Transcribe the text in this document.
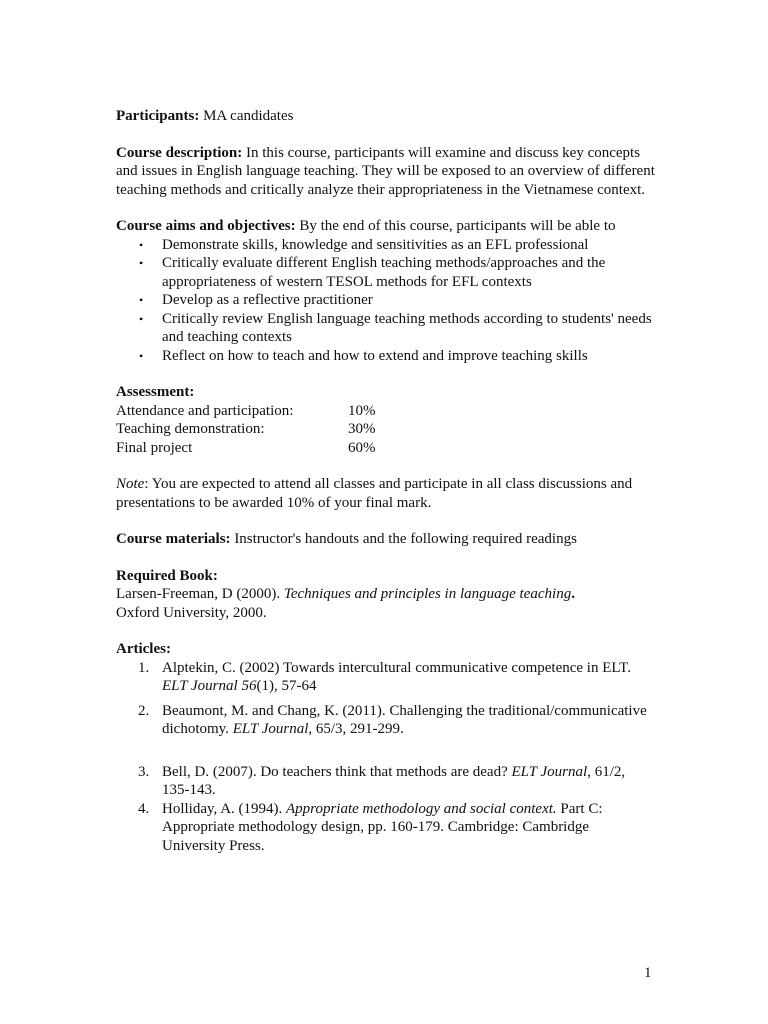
Participants: MA candidates

Course description: In this course, participants will examine and discuss key concepts and issues in English language teaching. They will be exposed to an overview of different teaching methods and critically analyze their appropriateness in the Vietnamese context.

Course aims and objectives: By the end of this course, participants will be able to

• Demonstrate skills, knowledge and sensitivities as an EFL professional
• Critically evaluate different English teaching methods/approaches and the appropriateness of western TESOL methods for EFL contexts
• Develop as a reflective practitioner
• Critically review English language teaching methods according to students' needs and teaching contexts
• Reflect on how to teach and how to extend and improve teaching skills

Assessment:

Attendance and participation:	10%
Teaching demonstration:	30%
Final project	60%

Note: You are expected to attend all classes and participate in all class discussions and presentations to be awarded 10% of your final mark.

Course materials: Instructor's handouts and the following required readings

Required Book:

Larsen-Freeman, D (2000). Techniques and principles in language teaching.
Oxford University, 2000.

Articles:

1. Alptekin, C. (2002) Towards intercultural communicative competence in ELT. ELT Journal 56(1), 57-64
2. Beaumont, M. and Chang, K. (2011). Challenging the traditional/communicative dichotomy. ELT Journal, 65/3, 291-299.
3. Bell, D. (2007). Do teachers think that methods are dead? ELT Journal, 61/2, 135-143.
4. Holliday, A. (1994). Appropriate methodology and social context. Part C: Appropriate methodology design, pp. 160-179. Cambridge: Cambridge University Press.
1
